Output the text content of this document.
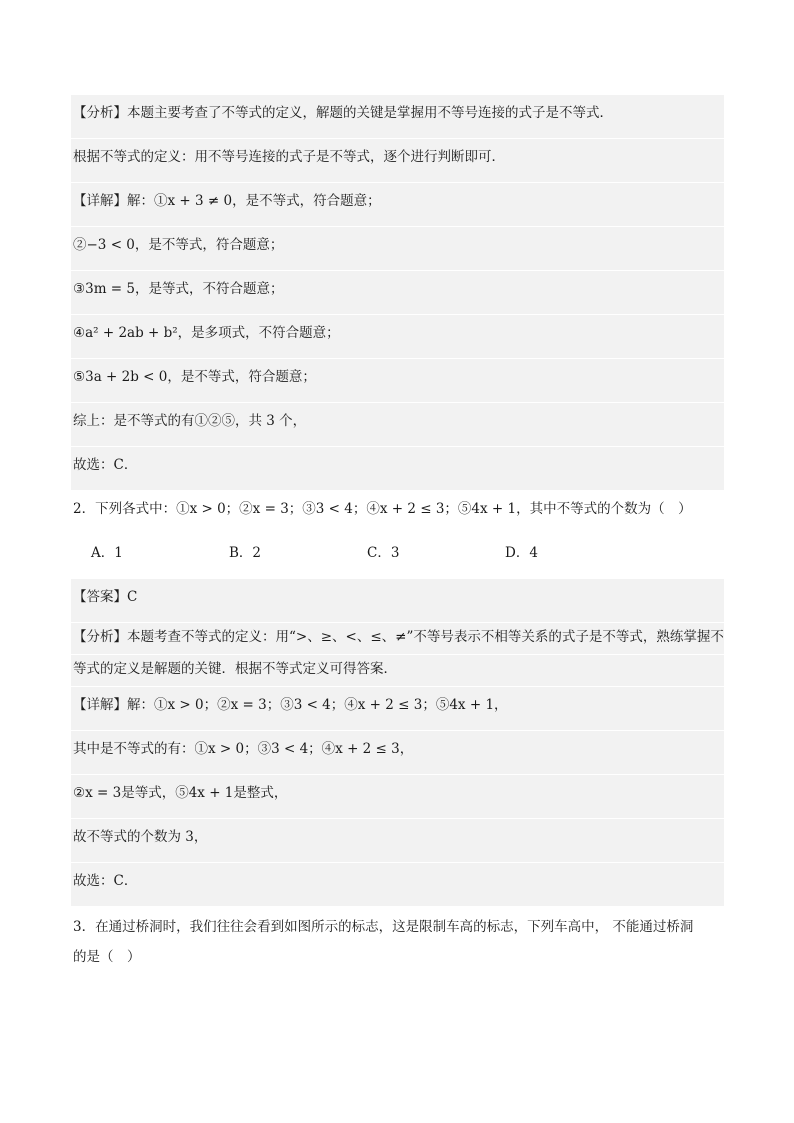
【分析】本题主要考查了不等式的定义，解题的关键是掌握用不等号连接的式子是不等式．
根据不等式的定义：用不等号连接的式子是不等式，逐个进行判断即可．
【详解】解：①x + 3 ≠ 0，是不等式，符合题意；
②−3 < 0，是不等式，符合题意；
③3m = 5，是等式，不符合题意；
④a² + 2ab + b²，是多项式，不符合题意；
⑤3a + 2b < 0，是不等式，符合题意；
综上：是不等式的有①②⑤，共 3 个，
故选：C．
2．下列各式中：①x > 0；②x = 3；③3 < 4；④x + 2 ≤ 3；⑤4x + 1，其中不等式的个数为（　）
A．1	B．2	C．3	D．4
【答案】C
【分析】本题考查不等式的定义：用“>、≥、<、≤、≠”不等号表示不相等关系的式子是不等式，熟练掌握不
等式的定义是解题的关键．根据不等式定义可得答案．
【详解】解：①x > 0；②x = 3；③3 < 4；④x + 2 ≤ 3；⑤4x + 1，
其中是不等式的有：①x > 0；③3 < 4；④x + 2 ≤ 3，
②x = 3是等式，⑤4x + 1是整式，
故不等式的个数为 3，
故选：C．
3．在通过桥洞时，我们往往会看到如图所示的标志，这是限制车高的标志，下列车高中， 不能通过桥洞
的是（　）
